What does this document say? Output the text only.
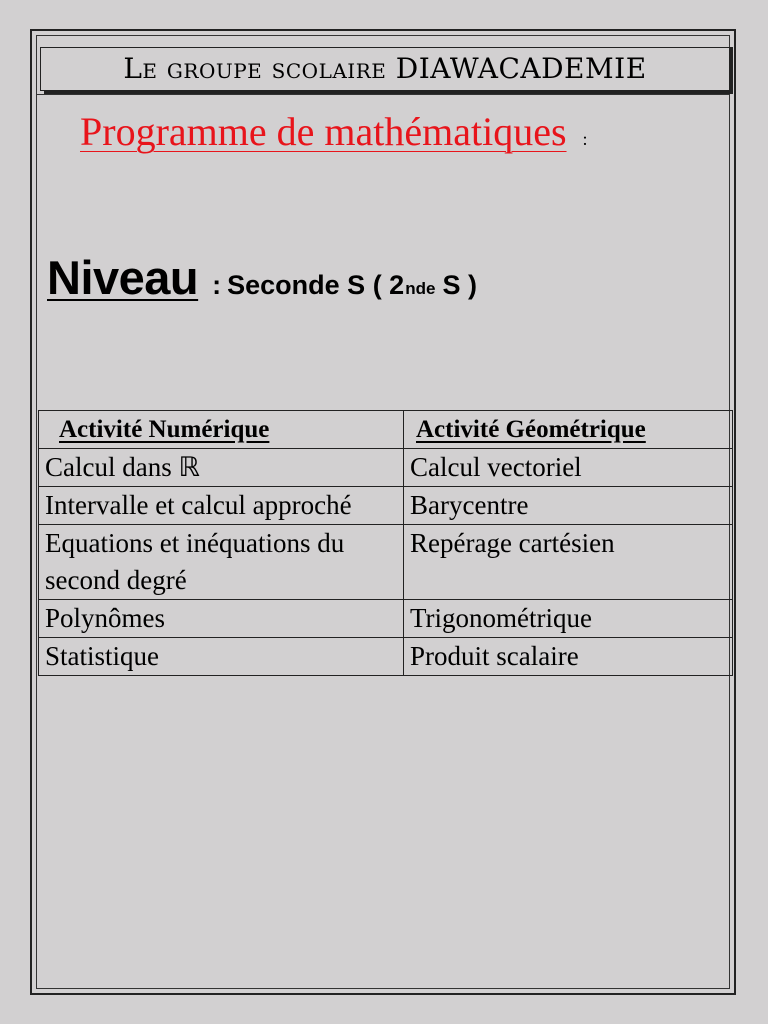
Le groupe scolaire DIAWACADEMIE
Programme de mathématiques :
Niveau : Seconde S ( 2 nde S )
Activité Numérique	Activité Géométrique
Calcul dans ℝ	Calcul vectoriel
Intervalle et calcul approché	Barycentre
Equations et inéquations du second degré	Repérage cartésien
Polynômes	Trigonométrique
Statistique	Produit scalaire
